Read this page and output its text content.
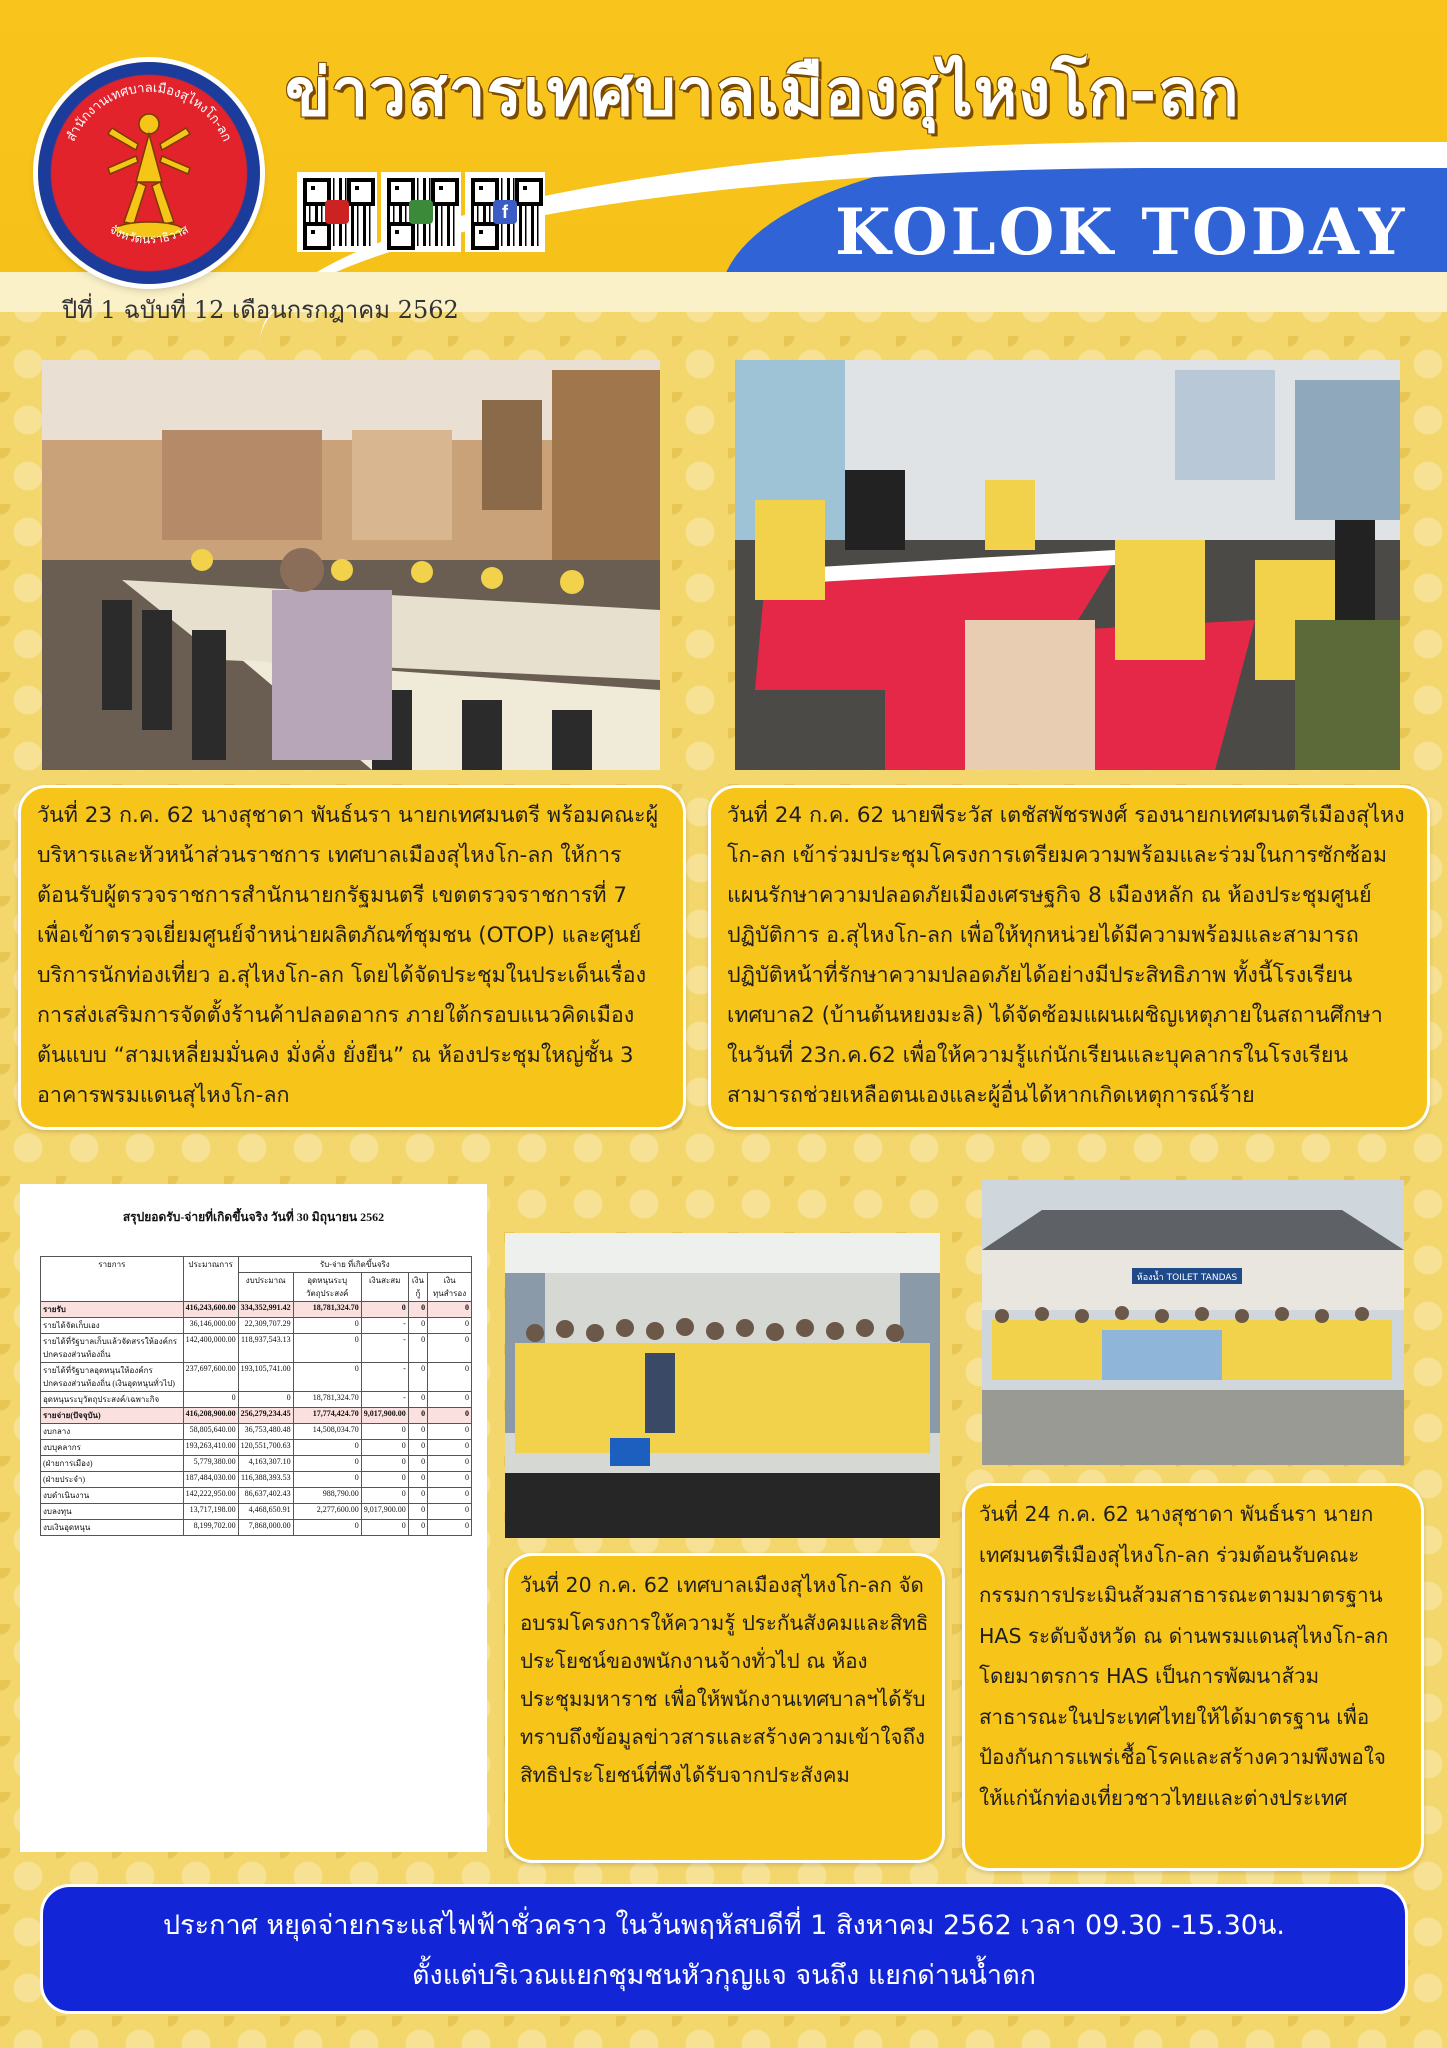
สำนักงานเทศบาลเมืองสุไหงโก-ลก
จังหวัดนราธิวาส
ข่าวสารเทศบาลเมืองสุไหงโก-ลก
f	KOLOK TODAY
ปีที่ 1 ฉบับที่ 12 เดือนกรกฎาคม 2562

วันที่ 23 ก.ค. 62 นางสุชาดา พันธ์นรา นายกเทศมนตรี พร้อมคณะผู้บริหารและหัวหน้าส่วนราชการ เทศบาลเมืองสุไหงโก-ลก ให้การต้อนรับผู้ตรวจราชการสำนักนายกรัฐมนตรี เขตตรวจราชการที่ 7 เพื่อเข้าตรวจเยี่ยมศูนย์จำหน่ายผลิตภัณฑ์ชุมชน (OTOP) และศูนย์บริการนักท่องเที่ยว อ.สุไหงโก-ลก โดยได้จัดประชุมในประเด็นเรื่องการส่งเสริมการจัดตั้งร้านค้าปลอดอากร ภายใต้กรอบแนวคิดเมืองต้นแบบ “สามเหลี่ยมมั่นคง มั่งคั่ง ยั่งยืน” ณ ห้องประชุมใหญ่ชั้น 3 อาคารพรมแดนสุไหงโก-ลก

วันที่ 24 ก.ค. 62 นายพีระวัส เตชัสพัชรพงศ์ รองนายกเทศมนตรีเมืองสุไหงโก-ลก เข้าร่วมประชุมโครงการเตรียมความพร้อมและร่วมในการซักซ้อมแผนรักษาความปลอดภัยเมืองเศรษฐกิจ 8 เมืองหลัก ณ ห้องประชุมศูนย์ปฏิบัติการ อ.สุไหงโก-ลก เพื่อให้ทุกหน่วยได้มีความพร้อมและสามารถปฏิบัติหน้าที่รักษาความปลอดภัยได้อย่างมีประสิทธิภาพ ทั้งนี้โรงเรียนเทศบาล2 (บ้านต้นหยงมะลิ) ได้จัดซ้อมแผนเผชิญเหตุภายในสถานศึกษา ในวันที่ 23ก.ค.62 เพื่อให้ความรู้แก่นักเรียนและบุคลากรในโรงเรียนสามารถช่วยเหลือตนเองและผู้อื่นได้หากเกิดเหตุการณ์ร้าย

สรุปยอดรับ-จ่ายที่เกิดขึ้นจริง วันที่ 30 มิถุนายน 2562
รายการ	ประมาณการ	รับ-จ่าย ที่เกิดขึ้นจริง				
		งบประมาณ	อุดหนุนระบุวัตถุประสงค์	เงินสะสม	เงินกู้	เงินทุนสำรอง
รายรับ	416,243,600.00	334,352,991.42	18,781,324.70	0	0	0
รายได้จัดเก็บเอง	36,146,000.00	22,309,707.29	0	-	0	0
รายได้ที่รัฐบาลเก็บแล้วจัดสรรให้องค์กรปกครองส่วนท้องถิ่น	142,400,000.00	118,937,543.13	0	-	0	0
รายได้ที่รัฐบาลอุดหนุนให้องค์กรปกครองส่วนท้องถิ่น (เงินอุดหนุนทั่วไป)	237,697,600.00	193,105,741.00	0	-	0	0
อุดหนุนระบุวัตถุประสงค์/เฉพาะกิจ	0	0	18,781,324.70	-	0	0
รายจ่าย(ปัจจุบัน)	416,208,900.00	256,279,234.45	17,774,424.70	9,017,900.00	0	0
งบกลาง	58,805,640.00	36,753,480.48	14,508,034.70	0	0	0
งบบุคลากร	193,263,410.00	120,551,700.63	0	0	0	0
(ฝ่ายการเมือง)	5,779,380.00	4,163,307.10	0	0	0	0
(ฝ่ายประจำ)	187,484,030.00	116,388,393.53	0	0	0	0
งบดำเนินงาน	142,222,950.00	86,637,402.43	988,790.00	0	0	0
งบลงทุน	13,717,198.00	4,468,650.91	2,277,600.00	9,017,900.00	0	0
งบเงินอุดหนุน	8,199,702.00	7,868,000.00	0	0	0	0
ห้องน้ำ TOILET TANDAS

วันที่ 20 ก.ค. 62 เทศบาลเมืองสุไหงโก-ลก จัดอบรมโครงการให้ความรู้ ประกันสังคมและสิทธิประโยชน์ของพนักงานจ้างทั่วไป ณ ห้องประชุมมหาราช เพื่อให้พนักงานเทศบาลฯได้รับทราบถึงข้อมูลข่าวสารและสร้างความเข้าใจถึงสิทธิประโยชน์ที่พึงได้รับจากประสังคม

วันที่ 24 ก.ค. 62 นางสุชาดา พันธ์นรา นายกเทศมนตรีเมืองสุไหงโก-ลก ร่วมต้อนรับคณะกรรมการประเมินส้วมสาธารณะตามมาตรฐาน HAS ระดับจังหวัด ณ ด่านพรมแดนสุไหงโก-ลก โดยมาตรการ HAS เป็นการพัฒนาส้วมสาธารณะในประเทศไทยให้ได้มาตรฐาน เพื่อป้องกันการแพร่เชื้อโรคและสร้างความพึงพอใจให้แก่นักท่องเที่ยวชาวไทยและต่างประเทศ

ประกาศ หยุดจ่ายกระแสไฟฟ้าชั่วคราว ในวันพฤหัสบดีที่ 1 สิงหาคม 2562 เวลา 09.30 -15.30น.
ตั้งแต่บริเวณแยกชุมชนหัวกุญแจ จนถึง แยกด่านน้ำตก
